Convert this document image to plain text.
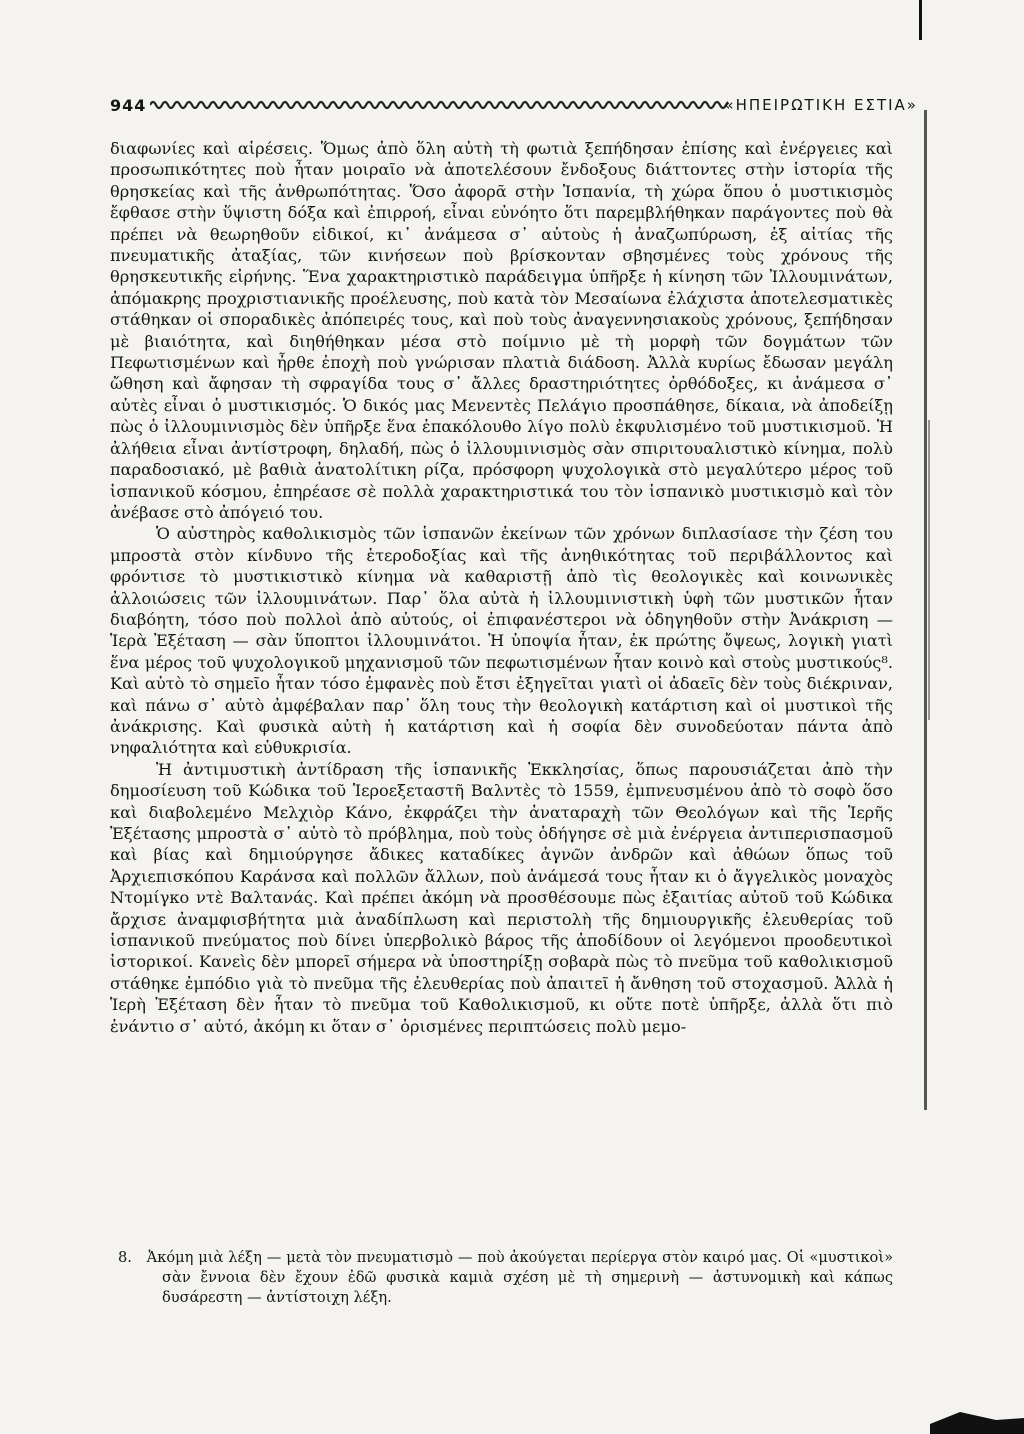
944	«ΗΠΕΙΡΩΤΙΚΗ ΕΣΤΙΑ»

διαφωνίες καὶ αἱρέσεις. Ὅμως ἀπὸ ὅλη αὐτὴ τὴ φωτιὰ ξεπήδησαν ἐπίσης καὶ ἐνέργειες καὶ προσωπικότητες ποὺ ἦταν μοιραῖο νὰ ἀποτελέσουν ἔνδοξους διάττοντες στὴν ἱστορία τῆς θρησκείας καὶ τῆς ἀνθρωπότητας. Ὅσο ἀφορᾶ στὴν Ἱσπανία, τὴ χώρα ὅπου ὁ μυστικισμὸς ἔφθασε στὴν ὕψιστη δόξα καὶ ἐπιρροή, εἶναι εὐνόητο ὅτι παρεμβλήθηκαν παράγοντες ποὺ θὰ πρέπει νὰ θεωρηθοῦν εἰδικοί, κι᾽ ἀνάμεσα σ᾽ αὐτοὺς ἡ ἀναζωπύρωση, ἐξ αἰτίας τῆς πνευματικῆς ἀταξίας, τῶν κινήσεων ποὺ βρίσκονταν σβησμένες τοὺς χρόνους τῆς θρησκευτικῆς εἰρήνης. Ἕνα χαρακτηριστικὸ παράδειγμα ὑπῆρξε ἡ κίνηση τῶν Ἰλλουμινάτων, ἀπόμακρης προχριστιανικῆς προέλευσης, ποὺ κατὰ τὸν Μεσαίωνα ἐλάχιστα ἀποτελεσματικὲς στάθηκαν οἱ σποραδικὲς ἀπόπειρές τους, καὶ ποὺ τοὺς ἀναγεννησιακοὺς χρόνους, ξεπήδησαν μὲ βιαιότητα, καὶ διηθήθηκαν μέσα στὸ ποίμνιο μὲ τὴ μορφὴ τῶν δογμάτων τῶν Πεφωτισμένων καὶ ἦρθε ἐποχὴ ποὺ γνώρισαν πλατιὰ διάδοση. Ἀλλὰ κυρίως ἔδωσαν μεγάλη ὤθηση καὶ ἄφησαν τὴ σφραγίδα τους σ᾽ ἄλλες δραστηριότητες ὀρθόδοξες, κι ἀνάμεσα σ᾽ αὐτὲς εἶναι ὁ μυστικισμός. Ὁ δικός μας Μενεντὲς Πελάγιο προσπάθησε, δίκαια, νὰ ἀποδείξῃ πὼς ὁ ἰλλουμινισμὸς δὲν ὑπῆρξε ἕνα ἐπακόλουθο λίγο πολὺ ἐκφυλισμένο τοῦ μυστικισμοῦ. Ἡ ἀλήθεια εἶναι ἀντίστροφη, δηλαδή, πὼς ὁ ἰλλουμινισμὸς σὰν σπιριτουαλιστικὸ κίνημα, πολὺ παραδοσιακό, μὲ βαθιὰ ἀνατολίτικη ρίζα, πρόσφορη ψυχολογικὰ στὸ μεγαλύτερο μέρος τοῦ ἱσπανικοῦ κόσμου, ἐπηρέασε σὲ πολλὰ χαρακτηριστικά του τὸν ἱσπανικὸ μυστικισμὸ καὶ τὸν ἀνέβασε στὸ ἀπόγειό του.

Ὁ αὐστηρὸς καθολικισμὸς τῶν ἱσπανῶν ἐκείνων τῶν χρόνων διπλασίασε τὴν ζέση του μπροστὰ στὸν κίνδυνο τῆς ἑτεροδοξίας καὶ τῆς ἀνηθικότητας τοῦ περιβάλλοντος καὶ φρόντισε τὸ μυστικιστικὸ κίνημα νὰ καθαριστῇ ἀπὸ τὶς θεολογικὲς καὶ κοινωνικὲς ἀλλοιώσεις τῶν ἰλλουμινάτων. Παρ᾽ ὅλα αὐτὰ ἡ ἰλλουμινιστικὴ ὑφὴ τῶν μυστικῶν ἦταν διαβόητη, τόσο ποὺ πολλοὶ ἀπὸ αὐτούς, οἱ ἐπιφανέστεροι νὰ ὁδηγηθοῦν στὴν Ἀνάκριση — Ἱερὰ Ἐξέταση — σὰν ὕποπτοι ἰλλουμινάτοι. Ἡ ὑποψία ἦταν, ἐκ πρώτης ὄψεως, λογικὴ γιατὶ ἕνα μέρος τοῦ ψυχολογικοῦ μηχανισμοῦ τῶν πεφωτισμένων ἦταν κοινὸ καὶ στοὺς μυστικούς⁸. Καὶ αὐτὸ τὸ σημεῖο ἦταν τόσο ἐμφανὲς ποὺ ἔτσι ἐξηγεῖται γιατὶ οἱ ἀδαεῖς δὲν τοὺς διέκριναν, καὶ πάνω σ᾽ αὐτὸ ἀμφέβαλαν παρ᾽ ὅλη τους τὴν θεολογικὴ κατάρτιση καὶ οἱ μυστικοὶ τῆς ἀνάκρισης. Καὶ φυσικὰ αὐτὴ ἡ κατάρτιση καὶ ἡ σοφία δὲν συνοδεύοταν πάντα ἀπὸ νηφαλιότητα καὶ εὐθυκρισία.

Ἡ ἀντιμυστικὴ ἀντίδραση τῆς ἱσπανικῆς Ἐκκλησίας, ὅπως παρουσιάζεται ἀπὸ τὴν δημοσίευση τοῦ Κώδικα τοῦ Ἱεροεξεταστῆ Βαλντὲς τὸ 1559, ἐμπνευσμένου ἀπὸ τὸ σοφὸ ὅσο καὶ διαβολεμένο Μελχιὸρ Κάνο, ἐκφράζει τὴν ἀναταραχὴ τῶν Θεολόγων καὶ τῆς Ἱερῆς Ἐξέτασης μπροστὰ σ᾽ αὐτὸ τὸ πρόβλημα, ποὺ τοὺς ὁδήγησε σὲ μιὰ ἐνέργεια ἀντιπερισπασμοῦ καὶ βίας καὶ δημιούργησε ἄδικες καταδίκες ἀγνῶν ἀνδρῶν καὶ ἀθώων ὅπως τοῦ Ἀρχιεπισκόπου Καράνσα καὶ πολλῶν ἄλλων, ποὺ ἀνάμεσά τους ἦταν κι ὁ ἄγγελικὸς μοναχὸς Ντομίγκο ντὲ Βαλτανάς. Καὶ πρέπει ἀκόμη νὰ προσθέσουμε πὼς ἐξαιτίας αὐτοῦ τοῦ Κώδικα ἄρχισε ἀναμφισβήτητα μιὰ ἀναδίπλωση καὶ περιστολὴ τῆς δημιουργικῆς ἐλευθερίας τοῦ ἱσπανικοῦ πνεύματος ποὺ δίνει ὑπερβολικὸ βάρος τῆς ἀποδίδουν οἱ λεγόμενοι προοδευτικοὶ ἱστορικοί. Κανεὶς δὲν μπορεῖ σήμερα νὰ ὑποστηρίξῃ σοβαρὰ πὼς τὸ πνεῦμα τοῦ καθολικισμοῦ στάθηκε ἐμπόδιο γιὰ τὸ πνεῦμα τῆς ἐλευθερίας ποὺ ἀπαιτεῖ ἡ ἄνθηση τοῦ στοχασμοῦ. Ἀλλὰ ἡ Ἱερὴ Ἐξέταση δὲν ἦταν τὸ πνεῦμα τοῦ Καθολικισμοῦ, κι οὔτε ποτὲ ὑπῆρξε, ἀλλὰ ὅτι πιὸ ἐνάντιο σ᾽ αὐτό, ἀκόμη κι ὅταν σ᾽ ὁρισμένες περιπτώσεις πολὺ μεμο-

8.   Ἀκόμη μιὰ λέξη — μετὰ τὸν πνευματισμὸ — ποὺ ἀκούγεται περίεργα στὸν καιρό μας. Οἱ «μυστικοὶ» σὰν ἔννοια δὲν ἔχουν ἐδῶ φυσικὰ καμιὰ σχέση μὲ τὴ σημερινὴ — ἀστυνομικὴ καὶ κάπως δυσάρεστη — ἀντίστοιχη λέξη.
